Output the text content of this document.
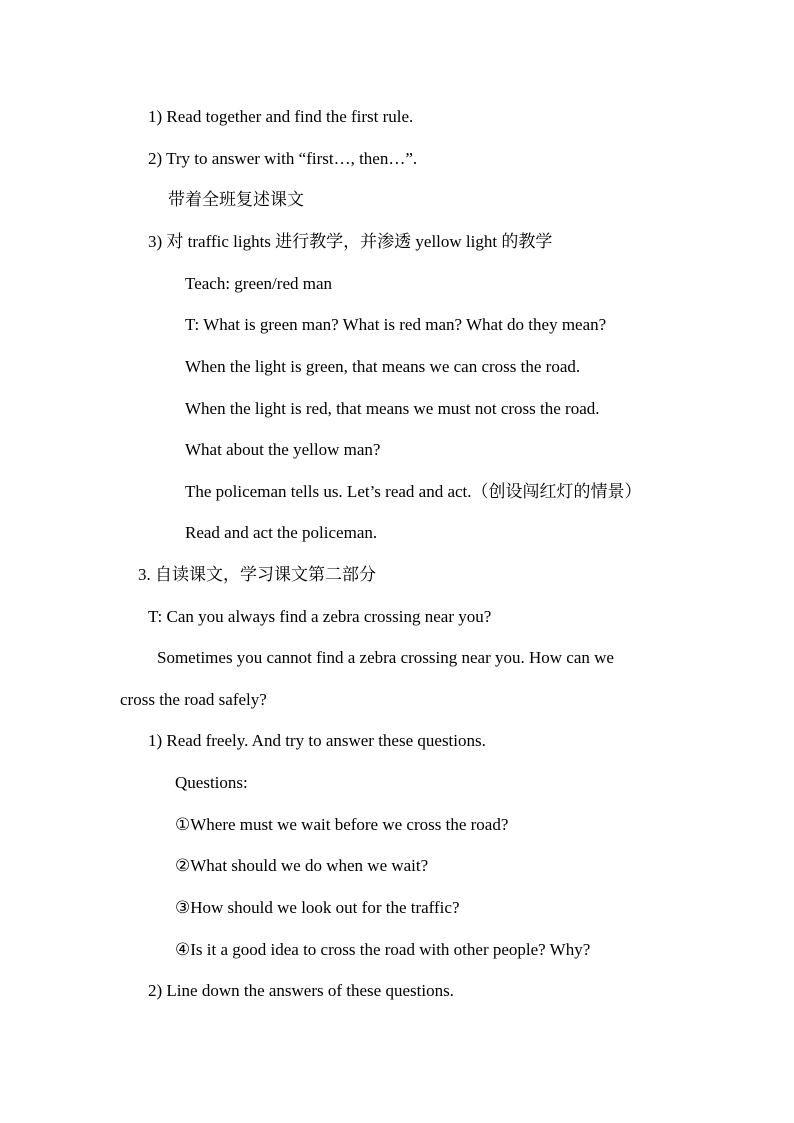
1) Read together and find the first rule.
2) Try to answer with “first…, then…”.
带着全班复述课文
3) 对 traffic lights 进行教学，并渗透 yellow light 的教学
Teach: green/red man
T: What is green man? What is red man? What do they mean?
When the light is green, that means we can cross the road.
When the light is red, that means we must not cross the road.
What about the yellow man?
The policeman tells us. Let’s read and act.（创设闯红灯的情景）
Read and act the policeman.
3. 自读课文，学习课文第二部分
T: Can you always find a zebra crossing near you?
Sometimes you cannot find a zebra crossing near you. How can we
cross the road safely?
1) Read freely. And try to answer these questions.
Questions:
①Where must we wait before we cross the road?
②What should we do when we wait?
③How should we look out for the traffic?
④Is it a good idea to cross the road with other people? Why?
2) Line down the answers of these questions.
